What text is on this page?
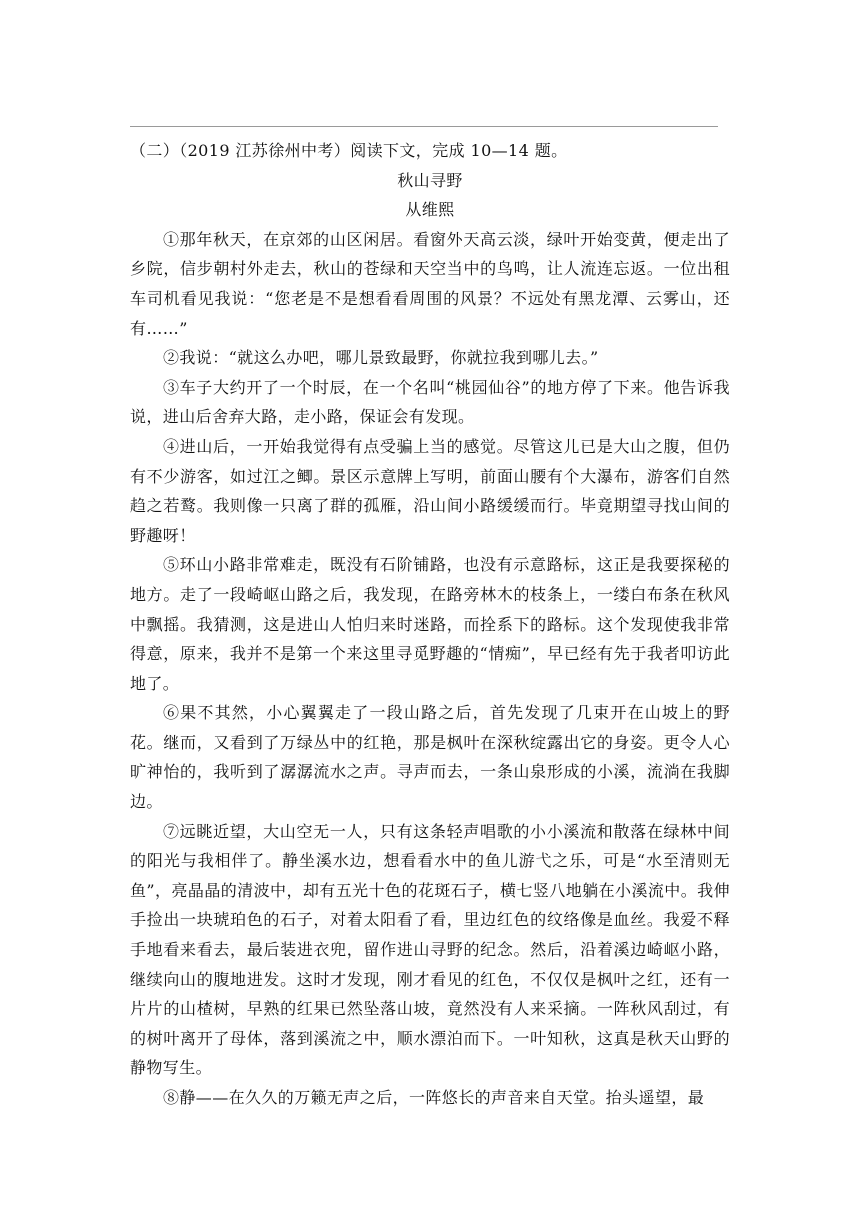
（二）（2019 江苏徐州中考）阅读下文，完成 10—14 题。

秋山寻野

从维熙

①那年秋天，在京郊的山区闲居。看窗外天高云淡，绿叶开始变黄，便走出了乡院，信步朝村外走去，秋山的苍绿和天空当中的鸟鸣，让人流连忘返。一位出租车司机看见我说：“您老是不是想看看周围的风景？不远处有黑龙潭、云雾山，还有……”

②我说：“就这么办吧，哪儿景致最野，你就拉我到哪儿去。”

③车子大约开了一个时辰，在一个名叫“桃园仙谷”的地方停了下来。他告诉我说，进山后舍弃大路，走小路，保证会有发现。

④进山后，一开始我觉得有点受骗上当的感觉。尽管这儿已是大山之腹，但仍有不少游客，如过江之鲫。景区示意牌上写明，前面山腰有个大瀑布，游客们自然趋之若鹜。我则像一只离了群的孤雁，沿山间小路缓缓而行。毕竟期望寻找山间的野趣呀！

⑤环山小路非常难走，既没有石阶铺路，也没有示意路标，这正是我要探秘的地方。走了一段崎岖山路之后，我发现，在路旁林木的枝条上，一缕白布条在秋风中飘摇。我猜测，这是进山人怕归来时迷路，而拴系下的路标。这个发现使我非常得意，原来，我并不是第一个来这里寻觅野趣的“情痴”，早已经有先于我者叩访此地了。

⑥果不其然，小心翼翼走了一段山路之后，首先发现了几束开在山坡上的野花。继而，又看到了万绿丛中的红艳，那是枫叶在深秋绽露出它的身姿。更令人心旷神怡的，我听到了潺潺流水之声。寻声而去，一条山泉形成的小溪，流淌在我脚边。

⑦远眺近望，大山空无一人，只有这条轻声唱歌的小小溪流和散落在绿林中间的阳光与我相伴了。静坐溪水边，想看看水中的鱼儿游弋之乐，可是“水至清则无鱼”，亮晶晶的清波中，却有五光十色的花斑石子，横七竖八地躺在小溪流中。我伸手捡出一块琥珀色的石子，对着太阳看了看，里边红色的纹络像是血丝。我爱不释手地看来看去，最后装进衣兜，留作进山寻野的纪念。然后，沿着溪边崎岖小路，继续向山的腹地进发。这时才发现，刚才看见的红色，不仅仅是枫叶之红，还有一片片的山楂树，早熟的红果已然坠落山坡，竟然没有人来采摘。一阵秋风刮过，有的树叶离开了母体，落到溪流之中，顺水漂泊而下。一叶知秋，这真是秋天山野的静物写生。

⑧静——在久久的万籁无声之后，一阵悠长的声音来自天堂。抬头遥望，最
